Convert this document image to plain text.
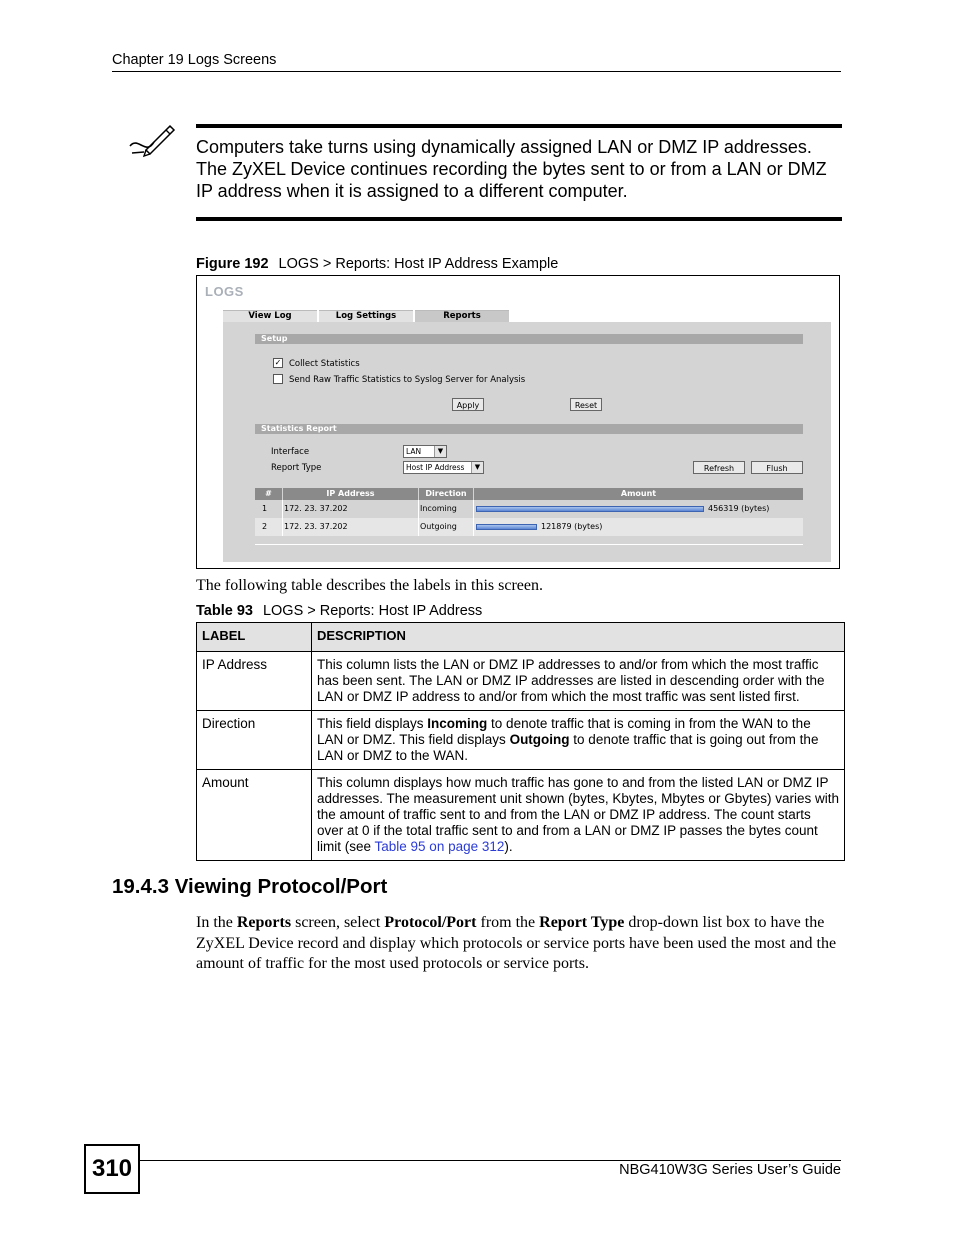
Chapter 19 Logs Screens
Computers take turns using dynamically assigned LAN or DMZ IP addresses. The ZyXEL Device continues recording the bytes sent to or from a LAN or DMZ IP address when it is assigned to a different computer.
Figure 192 LOGS > Reports: Host IP Address Example
LOGS
View Log	Log Settings	Reports
Setup
✓ Collect Statistics
Send Raw Traffic Statistics to Syslog Server for Analysis
Apply	Reset
Statistics Report
Interface	LAN	▼
Report Type	Host IP Address	▼	Refresh	Flush
#	IP Address	Direction	Amount
1	172. 23. 37.202	Incoming	456319 (bytes)
2	172. 23. 37.202	Outgoing	121879 (bytes)
The following table describes the labels in this screen.
Table 93 LOGS > Reports: Host IP Address
LABEL	DESCRIPTION
IP Address	This column lists the LAN or DMZ IP addresses to and/or from which the most traffic has been sent. The LAN or DMZ IP addresses are listed in descending order with the LAN or DMZ IP address to and/or from which the most traffic was sent listed first.
Direction	This field displays Incoming to denote traffic that is coming in from the WAN to the LAN or DMZ. This field displays Outgoing to denote traffic that is going out from the LAN or DMZ to the WAN.
Amount	This column displays how much traffic has gone to and from the listed LAN or DMZ IP addresses. The measurement unit shown (bytes, Kbytes, Mbytes or Gbytes) varies with the amount of traffic sent to and from the LAN or DMZ IP address. The count starts over at 0 if the total traffic sent to and from a LAN or DMZ IP passes the bytes count limit (see Table 95 on page 312).
19.4.3 Viewing Protocol/Port
In the Reports screen, select Protocol/Port from the Report Type drop-down list box to have the ZyXEL Device record and display which protocols or service ports have been used the most and the amount of traffic for the most used protocols or service ports.
310	NBG410W3G Series User’s Guide
